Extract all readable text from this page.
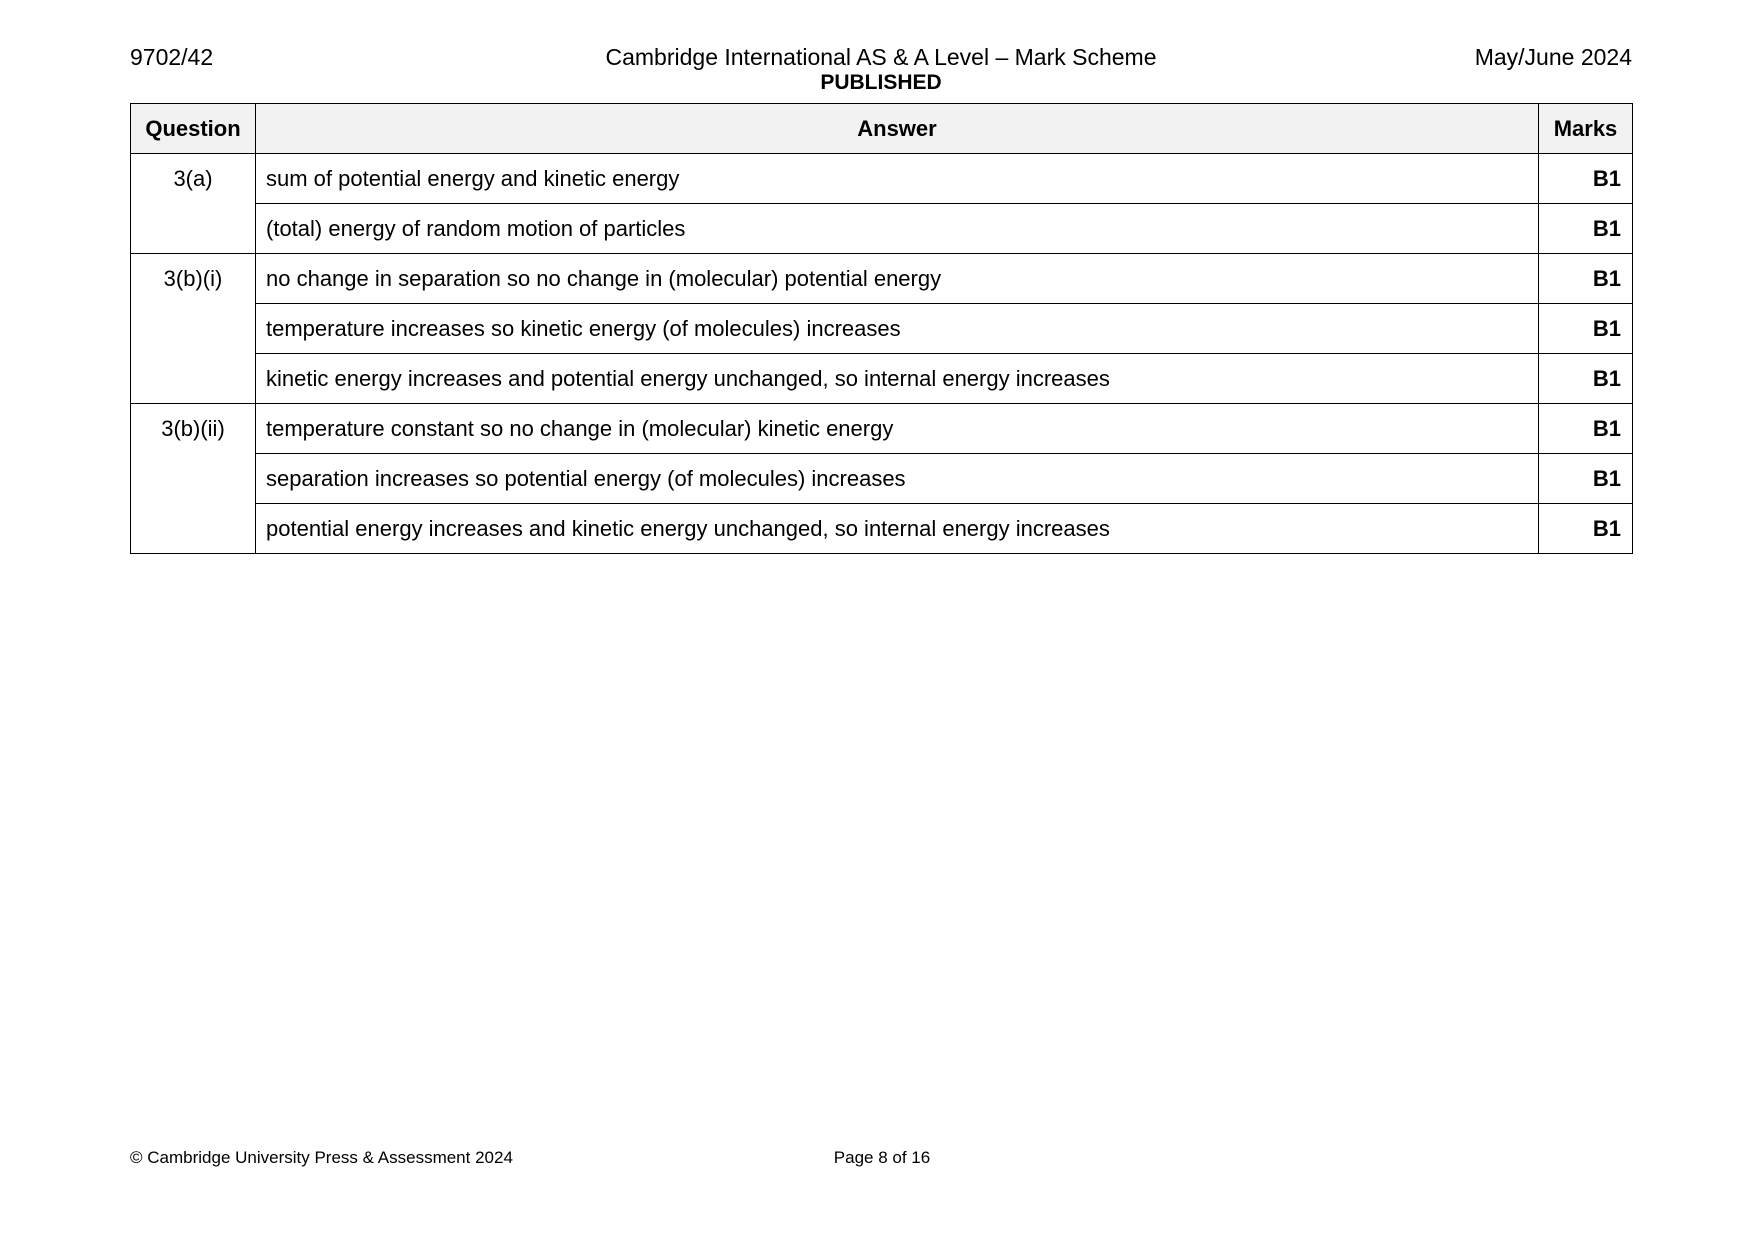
9702/42	Cambridge International AS & A Level – Mark Scheme
PUBLISHED
May/June 2024
Question	Answer	Marks
3(a)	sum of potential energy and kinetic energy	B1
	(total) energy of random motion of particles	B1
3(b)(i)	no change in separation so no change in (molecular) potential energy	B1
	temperature increases so kinetic energy (of molecules) increases	B1
	kinetic energy increases and potential energy unchanged, so internal energy increases	B1
3(b)(ii)	temperature constant so no change in (molecular) kinetic energy	B1
	separation increases so potential energy (of molecules) increases	B1
	potential energy increases and kinetic energy unchanged, so internal energy increases	B1
© Cambridge University Press & Assessment 2024	Page 8 of 16
